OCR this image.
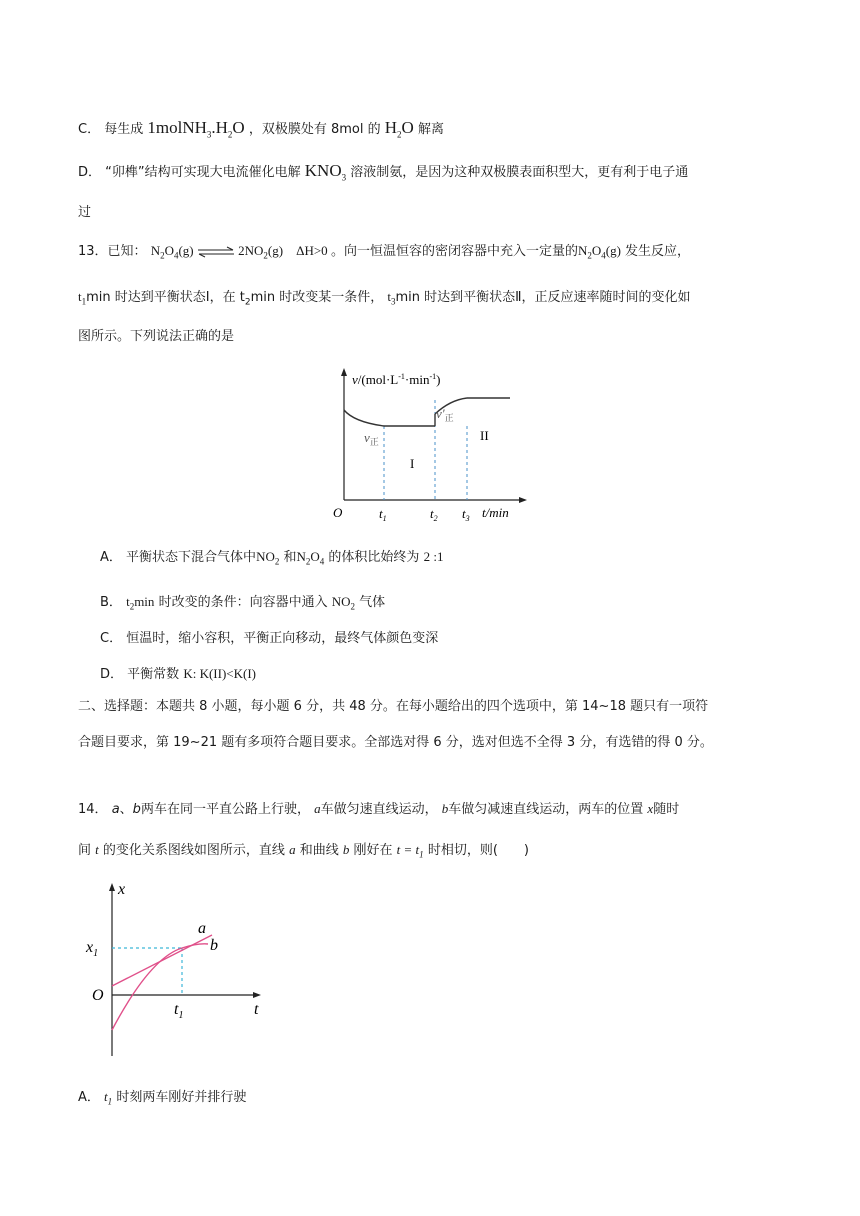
C． 每生成 $1molNH_3.H_2O$ ，双极膜处有 8mol 的 $H_2O$ 解离
D． “卯榫”结构可实现大电流催化电解 $KNO_3$ 溶液制氨，是因为这种双极膜表面积型大，更有利于电子通
过
13．已知： $N_2O_4(g)$ ⇌ $2NO_2(g)$ ΔH>0 。向一恒温恒容的密闭容器中充入一定量的$N_2O_4(g)$ 发生反应，
$t_1\min$ 时达到平衡状态Ⅰ，在 $t_2\min$ 时改变某一条件， $t_3\min$ 时达到平衡状态Ⅱ，正反应速率随时间的变化如
图所示。下列说法正确的是
$v/(mol\cdot L^{-1}\cdot\min^{-1})$
t/min
O	$t_1$	$t_2$ $t_3$
$v_正$
$v'_正$
I
II
A． 平衡状态下混合气体中$NO_2$ 和$N_2O_4$ 的体积比始终为 2 :1
B． $t_2\min$ 时改变的条件：向容器中通入 $NO_2$ 气体
C． 恒温时，缩小容积，平衡正向移动，最终气体颜色变深
D． 平衡常数 K: K(II)<K(I)
二、选择题：本题共 8 小题，每小题 6 分，共 48 分。在每小题给出的四个选项中，第 14~18 题只有一项符
合题目要求，第 19~21 题有多项符合题目要求。全部选对得 6 分，选对但选不全得 3 分，有选错的得 0 分。
14． a、b两车在同一平直公路上行驶， a车做匀速直线运动， b车做匀减速直线运动，两车的位置 x随时
间 t 的变化关系图线如图所示，直线 a 和曲线 b 刚好在 $t = t_1$ 时相切，则(　　)
x
t
O
$x_1$
$t_1$
a
b
A． $t_1$ 时刻两车刚好并排行驶
